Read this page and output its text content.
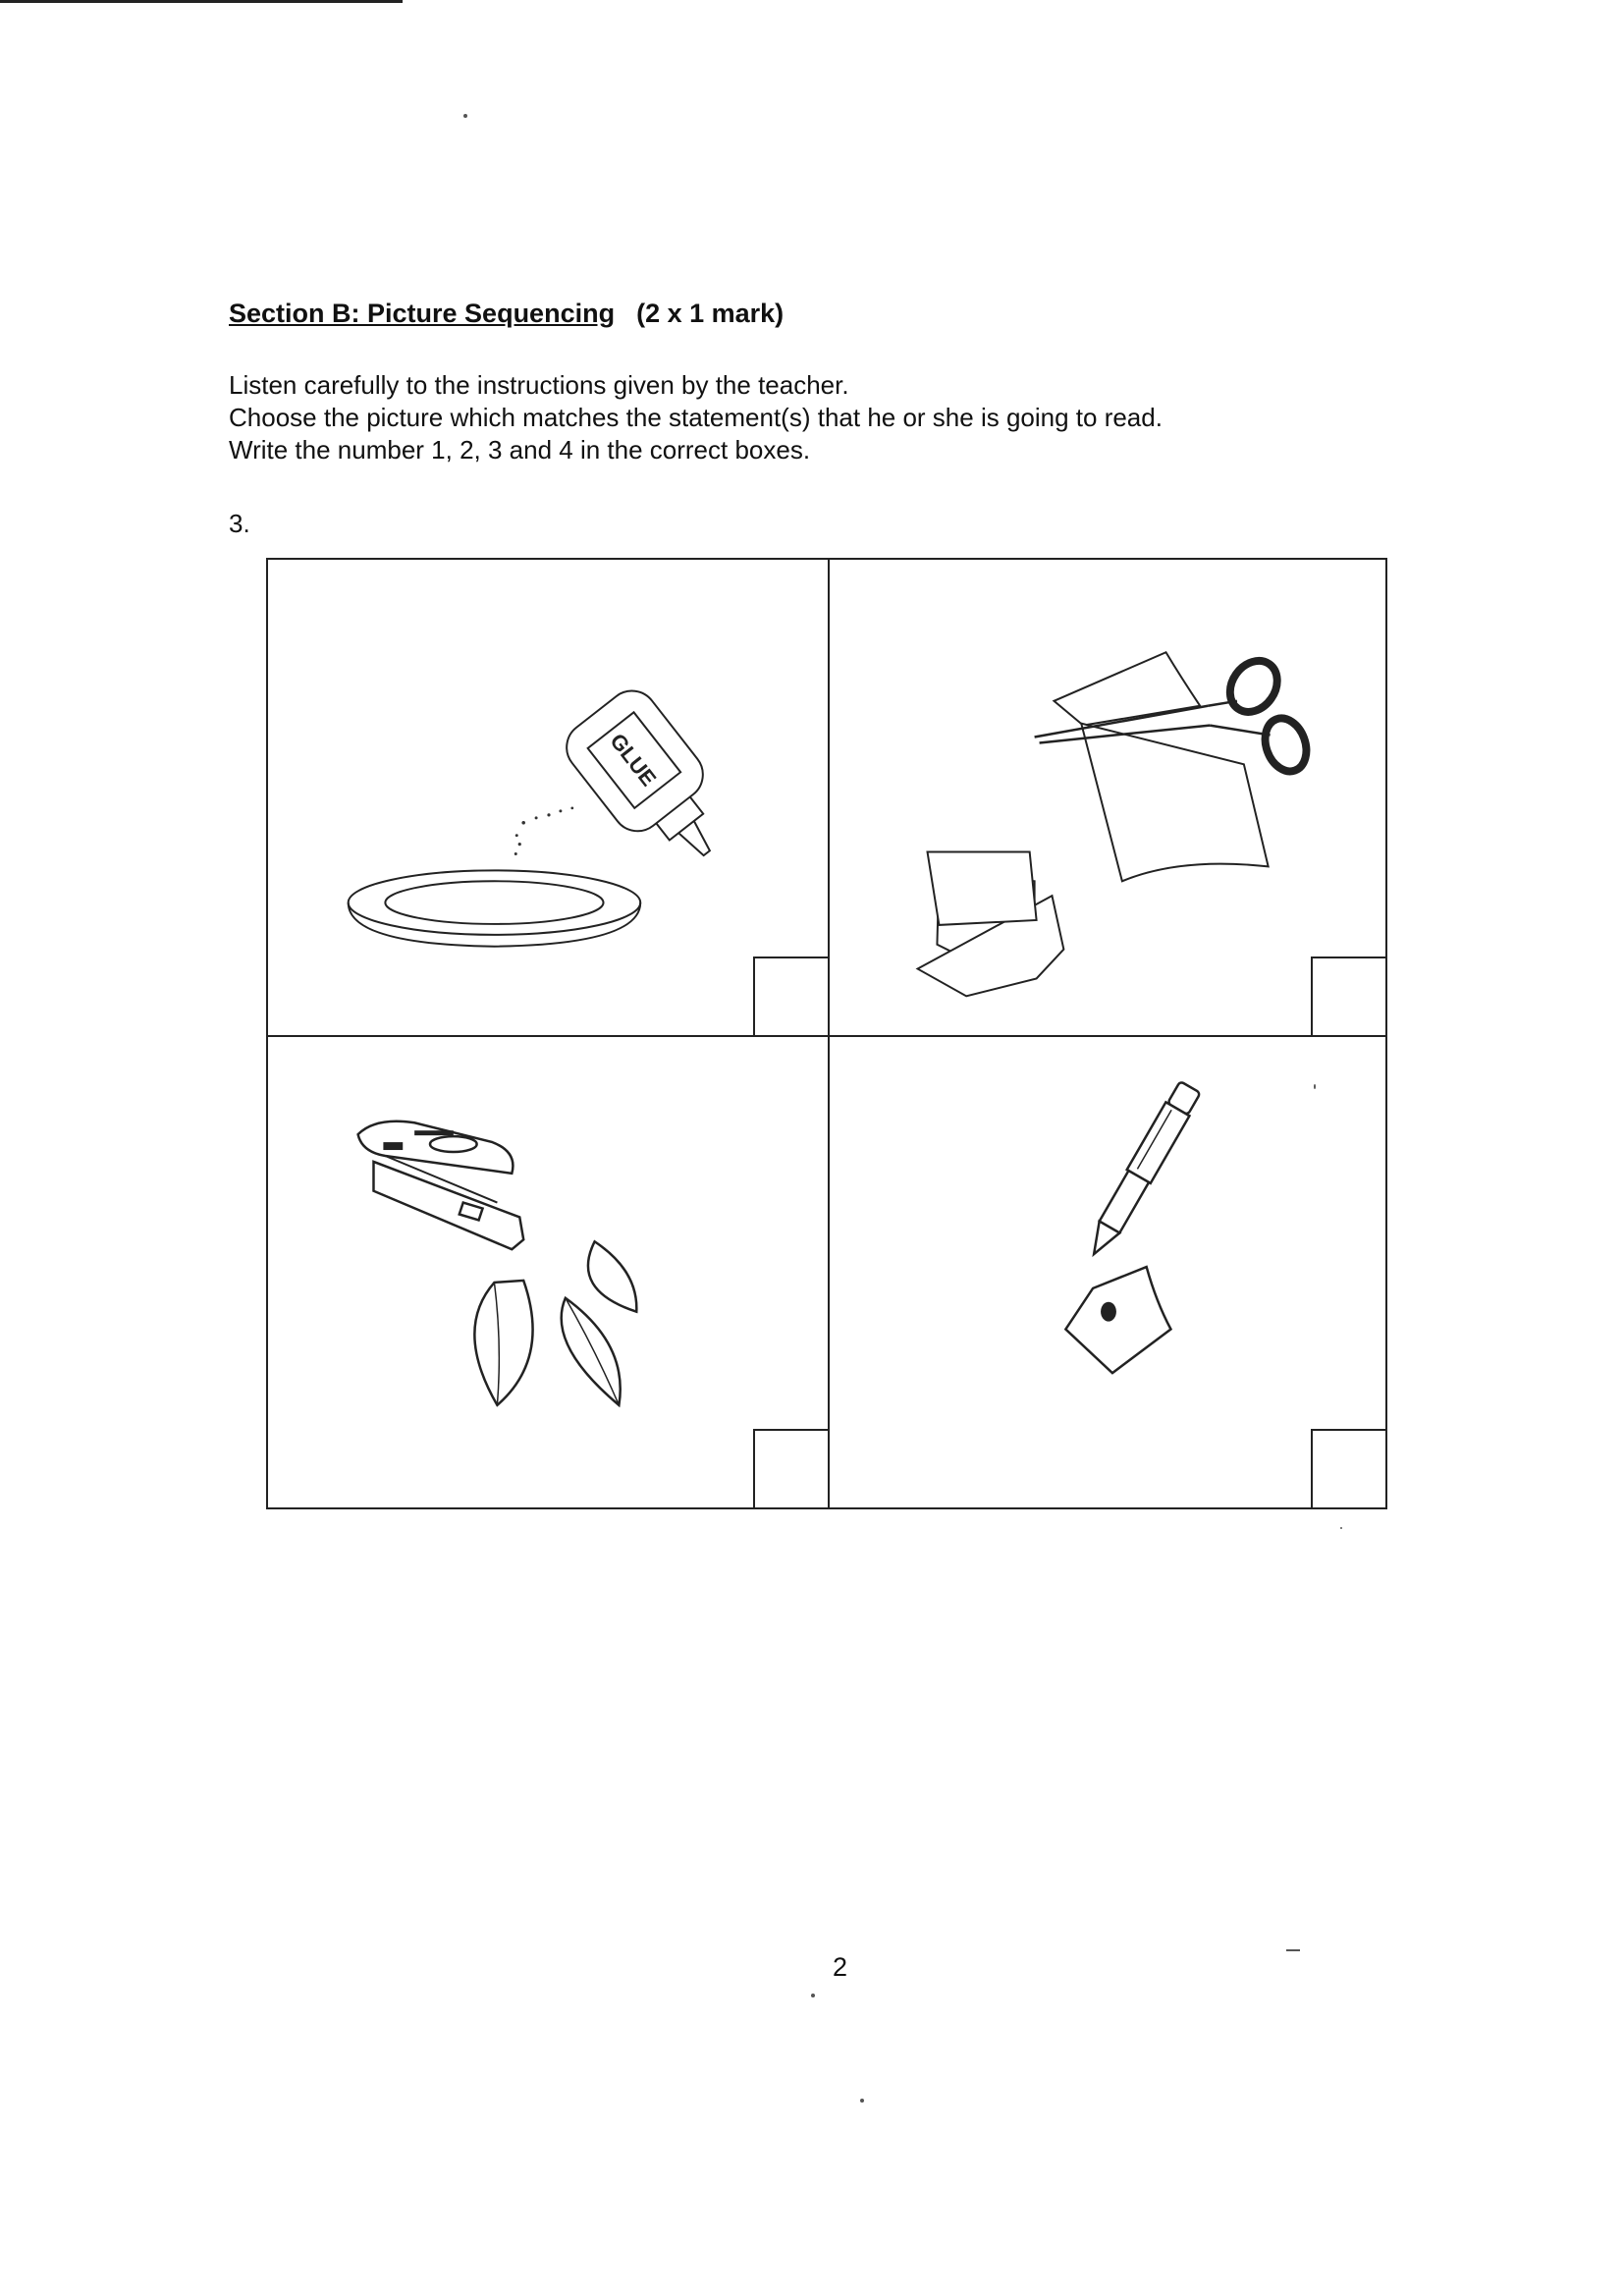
Section B: Picture Sequencing (2 x 1 mark)
Listen carefully to the instructions given by the teacher.
Choose the picture which matches the statement(s) that he or she is going to read.
Write the number 1, 2, 3 and 4 in the correct boxes.
3.
GLUE
2
